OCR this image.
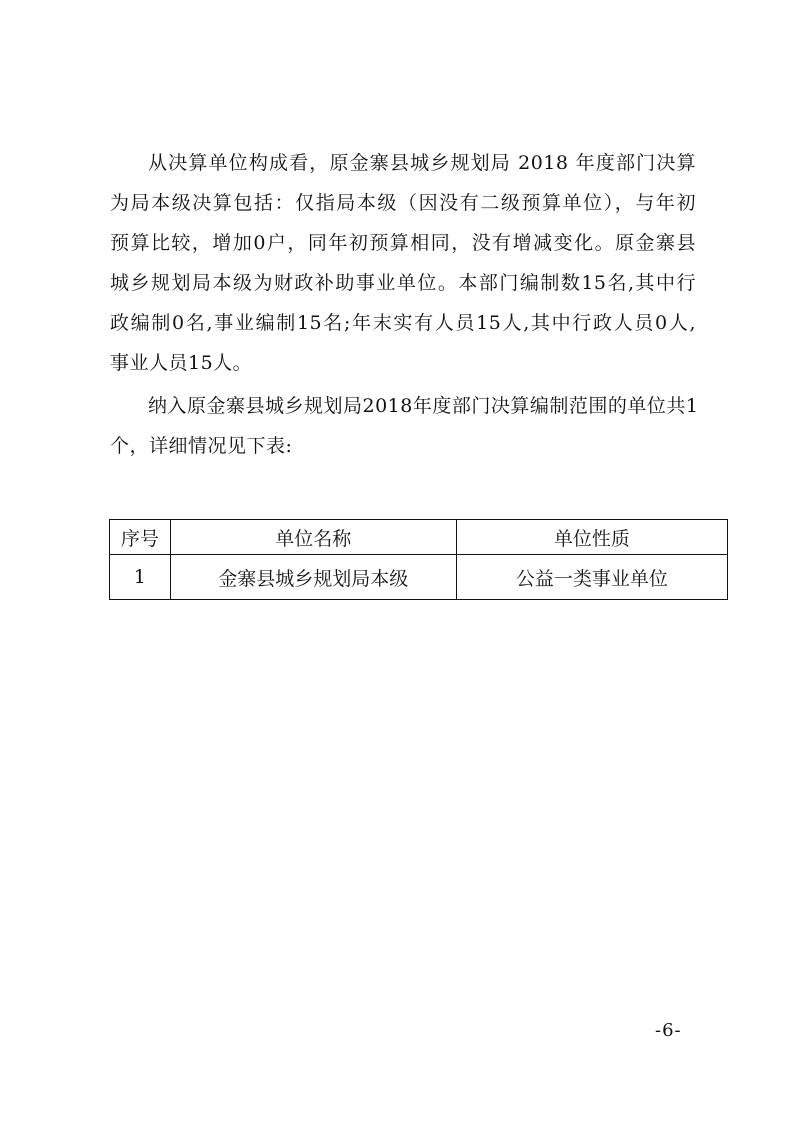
从决算单位构成看，原金寨县城乡规划局 2018 年度部门决算
为局本级决算包括：仅指局本级（因没有二级预算单位），与年初
预算比较，增加0户，同年初预算相同，没有增减变化。原金寨县
城乡规划局本级为财政补助事业单位。本部门编制数15名,其中行
政编制0名,事业编制15名;年末实有人员15人,其中行政人员0人,
事业人员15人。
纳入原金寨县城乡规划局2018年度部门决算编制范围的单位共1
个，详细情况见下表:
序号	单位名称	单位性质
1	金寨县城乡规划局本级	公益一类事业单位
-6-
